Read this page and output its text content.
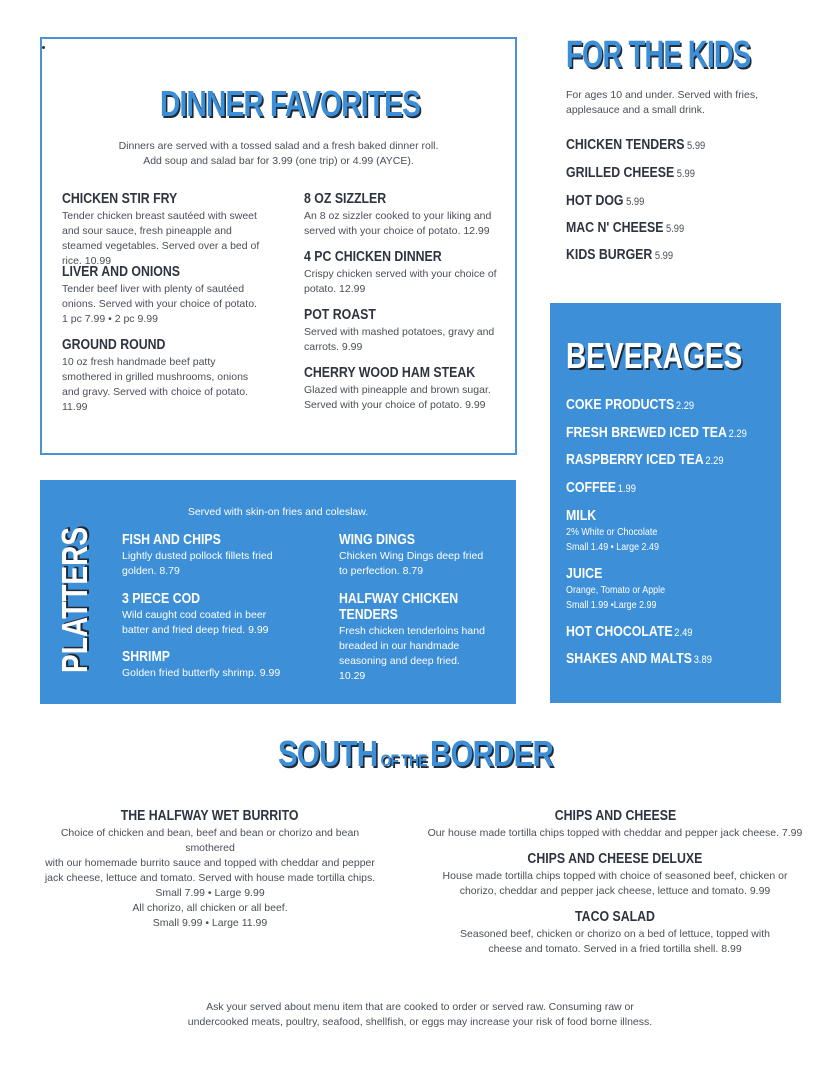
DINNER FAVORITES
Dinners are served with a tossed salad and a fresh baked dinner roll.
Add soup and salad bar for 3.99 (one trip) or 4.99 (AYCE).
CHICKEN STIR FRY
Tender chicken breast sautéed with sweet and sour sauce, fresh pineapple and steamed vegetables. Served over a bed of rice. 10.99
LIVER AND ONIONS
Tender beef liver with plenty of sautéed onions. Served with your choice of potato.
1 pc 7.99 • 2 pc 9.99
GROUND ROUND
10 oz fresh handmade beef patty smothered in grilled mushrooms, onions and gravy. Served with choice of potato. 11.99
8 OZ SIZZLER
An 8 oz sizzler cooked to your liking and served with your choice of potato. 12.99
4 PC CHICKEN DINNER
Crispy chicken served with your choice of potato. 12.99
POT ROAST
Served with mashed potatoes, gravy and carrots. 9.99
CHERRY WOOD HAM STEAK
Glazed with pineapple and brown sugar. Served with your choice of potato. 9.99
FOR THE KIDS
For ages 10 and under. Served with fries, applesauce and a small drink.
CHICKEN TENDERS 5.99
GRILLED CHEESE 5.99
HOT DOG 5.99
MAC N' CHEESE 5.99
KIDS BURGER 5.99
BEVERAGES
COKE PRODUCTS 2.29
FRESH BREWED ICED TEA 2.29
RASPBERRY ICED TEA 2.29
COFFEE 1.99
MILK
2% White or Chocolate
Small 1.49 • Large 2.49
JUICE
Orange, Tomato or Apple
Small 1.99 •Large 2.99
HOT CHOCOLATE 2.49
SHAKES AND MALTS 3.89
PLATTERS
Served with skin-on fries and coleslaw.
FISH AND CHIPS
Lightly dusted pollock fillets fried golden. 8.79
3 PIECE COD
Wild caught cod coated in beer batter and fried deep fried. 9.99
SHRIMP
Golden fried butterfly shrimp. 9.99
WING DINGS
Chicken Wing Dings deep fried to perfection. 8.79
HALFWAY CHICKEN
TENDERS
Fresh chicken tenderloins hand breaded in our handmade seasoning and deep fried. 10.29
SOUTH OF THEBORDER
THE HALFWAY WET BURRITO
Choice of chicken and bean, beef and bean or chorizo and bean smothered
with our homemade burrito sauce and topped with cheddar and pepper
jack cheese, lettuce and tomato. Served with house made tortilla chips.
Small 7.99 • Large 9.99
All chorizo, all chicken or all beef.
Small 9.99 • Large 11.99
CHIPS AND CHEESE
Our house made tortilla chips topped with cheddar and pepper jack cheese. 7.99
CHIPS AND CHEESE DELUXE
House made tortilla chips topped with choice of seasoned beef, chicken or
chorizo, cheddar and pepper jack cheese, lettuce and tomato. 9.99
TACO SALAD
Seasoned beef, chicken or chorizo on a bed of lettuce, topped with
cheese and tomato. Served in a fried tortilla shell. 8.99
Ask your served about menu item that are cooked to order or served raw. Consuming raw or
undercooked meats, poultry, seafood, shellfish, or eggs may increase your risk of food borne illness.
